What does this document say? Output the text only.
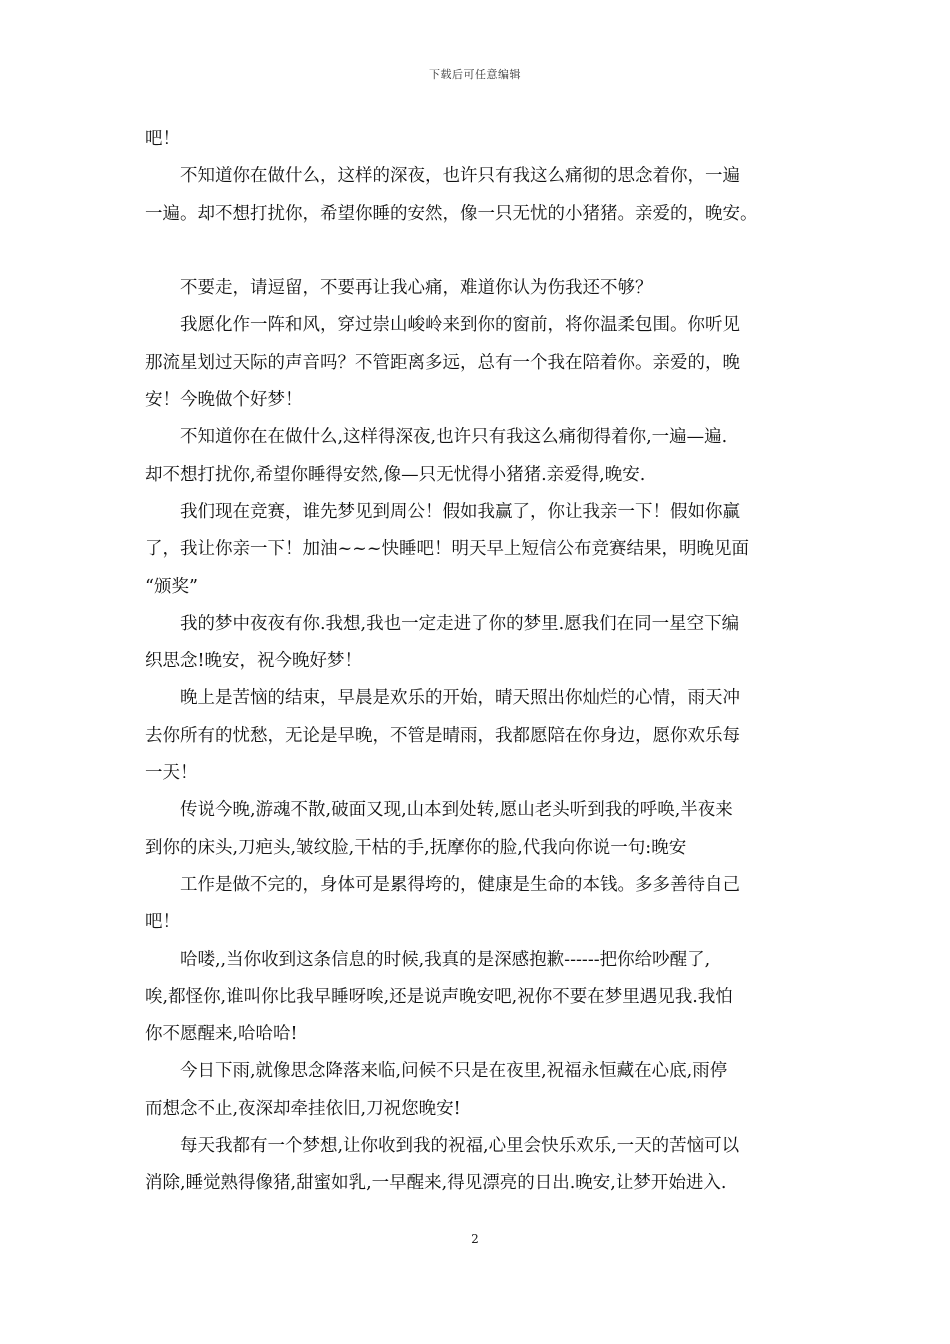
下载后可任意编辑

吧！

　　不知道你在做什么，这样的深夜，也许只有我这么痛彻的思念着你，一遍

一遍。却不想打扰你，希望你睡的安然，像一只无忧的小猪猪。亲爱的，晚安。

　　不要走，请逗留，不要再让我心痛，难道你认为伤我还不够？

　　我愿化作一阵和风，穿过崇山峻岭来到你的窗前，将你温柔包围。你听见

那流星划过天际的声音吗？不管距离多远，总有一个我在陪着你。亲爱的，晚

安！今晚做个好梦！

　　不知道你在在做什么,这样得深夜,也许只有我这么痛彻得着你,一遍—遍.

却不想打扰你,希望你睡得安然,像—只无忧得小猪猪.亲爱得,晚安.

　　我们现在竞赛，谁先梦见到周公！假如我赢了，你让我亲一下！假如你赢

了，我让你亲一下！加油~~~快睡吧！明天早上短信公布竞赛结果，明晚见面

“颁奖”

　　我的梦中夜夜有你.我想,我也一定走进了你的梦里.愿我们在同一星空下编

织思念!晚安，祝今晚好梦！

　　晚上是苦恼的结束，早晨是欢乐的开始，晴天照出你灿烂的心情，雨天冲

去你所有的忧愁，无论是早晚，不管是晴雨，我都愿陪在你身边，愿你欢乐每

一天！

　　传说今晚,游魂不散,破面又现,山本到处转,愿山老头听到我的呼唤,半夜来

到你的床头,刀疤头,皱纹脸,干枯的手,抚摩你的脸,代我向你说一句:晚安

　　工作是做不完的，身体可是累得垮的，健康是生命的本钱。多多善待自己

吧！

　　哈喽,,当你收到这条信息的时候,我真的是深感抱歉------把你给吵醒了,

唉,都怪你,谁叫你比我早睡呀唉,还是说声晚安吧,祝你不要在梦里遇见我.我怕

你不愿醒来,哈哈哈!

　　今日下雨,就像思念降落来临,问候不只是在夜里,祝福永恒藏在心底,雨停

而想念不止,夜深却牵挂依旧,刀祝您晚安!

　　每天我都有一个梦想,让你收到我的祝福,心里会快乐欢乐,一天的苦恼可以

消除,睡觉熟得像猪,甜蜜如乳,一早醒来,得见漂亮的日出.晚安,让梦开始进入.

2
